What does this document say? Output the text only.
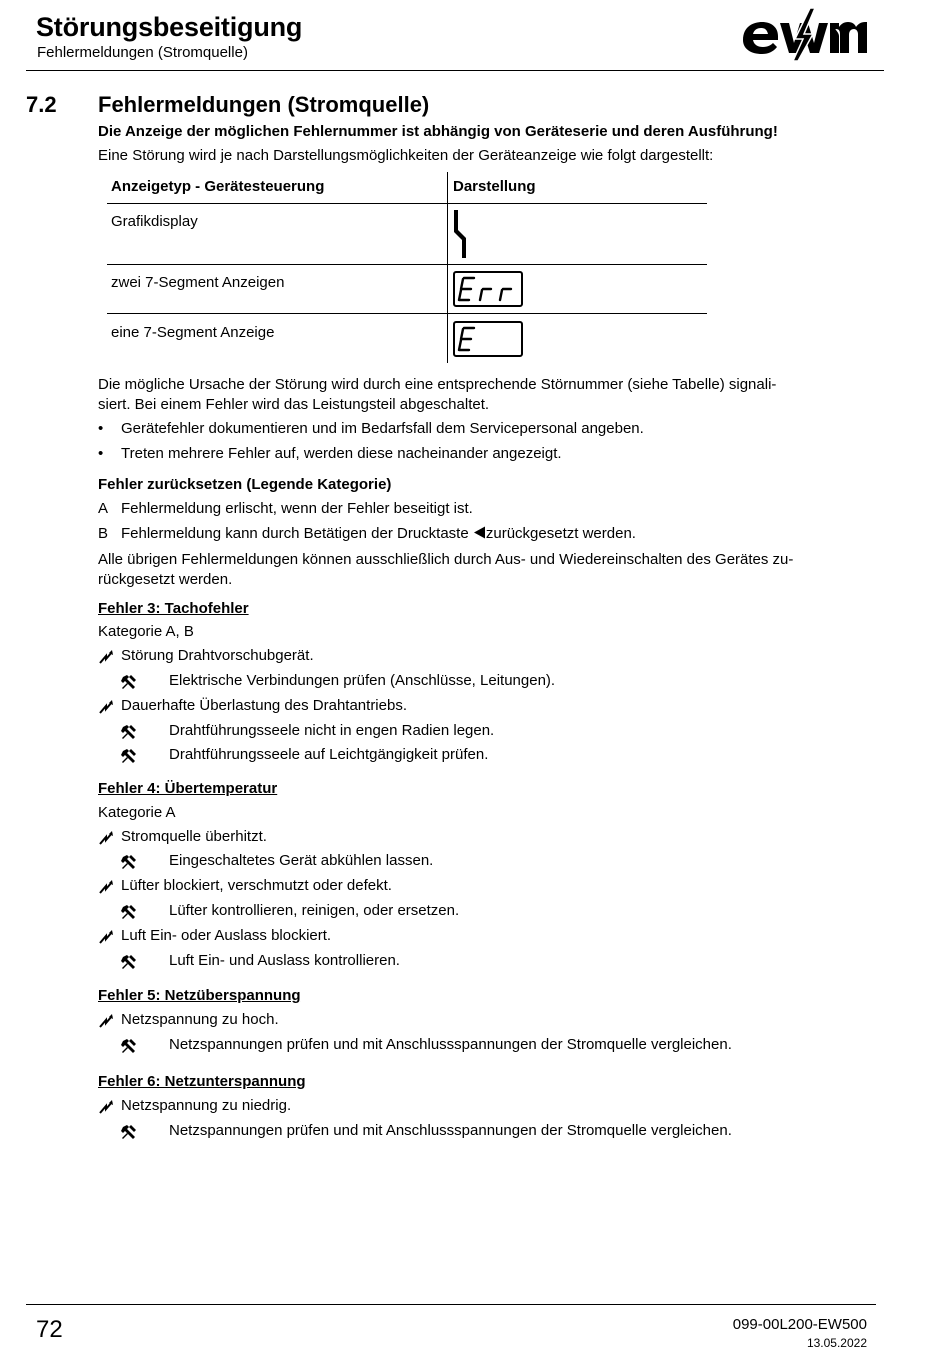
Störungsbeseitigung
Fehlermeldungen (Stromquelle)
7.2 Fehlermeldungen (Stromquelle)
Die Anzeige der möglichen Fehlernummer ist abhängig von Geräteserie und deren Ausführung!
Eine Störung wird je nach Darstellungsmöglichkeiten der Geräteanzeige wie folgt dargestellt:
Anzeigetyp - Gerätesteuerung	Darstellung
Grafikdisplay
zwei 7-Segment Anzeigen
eine 7-Segment Anzeige
Die mögliche Ursache der Störung wird durch eine entsprechende Störnummer (siehe Tabelle) signali-
siert. Bei einem Fehler wird das Leistungsteil abgeschaltet.
• Gerätefehler dokumentieren und im Bedarfsfall dem Servicepersonal angeben.
• Treten mehrere Fehler auf, werden diese nacheinander angezeigt.
Fehler zurücksetzen (Legende Kategorie)
A Fehlermeldung erlischt, wenn der Fehler beseitigt ist.
B Fehlermeldung kann durch Betätigen der Drucktaste zurückgesetzt werden.
Alle übrigen Fehlermeldungen können ausschließlich durch Aus- und Wiedereinschalten des Gerätes zu-
rückgesetzt werden.
Fehler 3: Tachofehler
Kategorie A, B
Störung Drahtvorschubgerät.
Elektrische Verbindungen prüfen (Anschlüsse, Leitungen).
Dauerhafte Überlastung des Drahtantriebs.
Drahtführungsseele nicht in engen Radien legen.
Drahtführungsseele auf Leichtgängigkeit prüfen.
Fehler 4: Übertemperatur
Kategorie A
Stromquelle überhitzt.
Eingeschaltetes Gerät abkühlen lassen.
Lüfter blockiert, verschmutzt oder defekt.
Lüfter kontrollieren, reinigen, oder ersetzen.
Luft Ein- oder Auslass blockiert.
Luft Ein- und Auslass kontrollieren.
Fehler 5: Netzüberspannung
Netzspannung zu hoch.
Netzspannungen prüfen und mit Anschlussspannungen der Stromquelle vergleichen.
Fehler 6: Netzunterspannung
Netzspannung zu niedrig.
Netzspannungen prüfen und mit Anschlussspannungen der Stromquelle vergleichen.
72	099-00L200-EW500
13.05.2022
